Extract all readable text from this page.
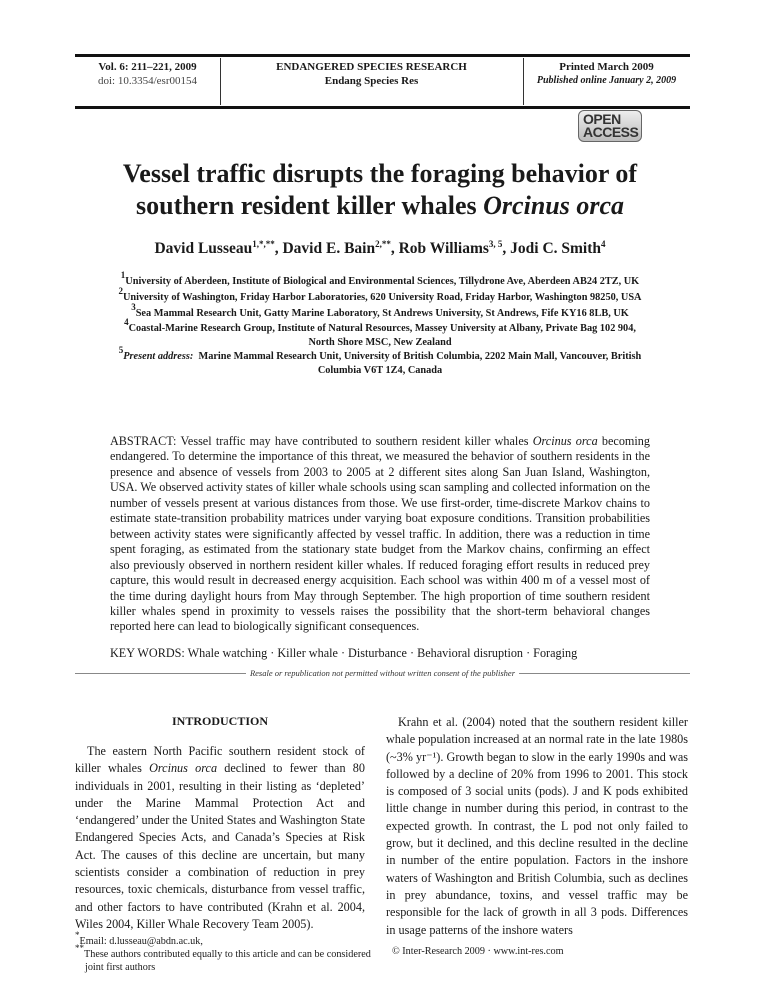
Vol. 6: 211–221, 2009
doi: 10.3354/esr00154
ENDANGERED SPECIES RESEARCH
Endang Species Res
Printed March 2009
Published online January 2, 2009
OPEN
ACCESS
Vessel traffic disrupts the foraging behavior of
southern resident killer whales Orcinus orca
David Lusseau$^{1,*,**}$, David E. Bain$^{2,**}$, Rob Williams$^{3, 5}$, Jodi C. Smith$^4$
$^1$University of Aberdeen, Institute of Biological and Environmental Sciences, Tillydrone Ave, Aberdeen AB24 2TZ, UK
$^2$University of Washington, Friday Harbor Laboratories, 620 University Road, Friday Harbor, Washington 98250, USA
$^3$Sea Mammal Research Unit, Gatty Marine Laboratory, St Andrews University, St Andrews, Fife KY16 8LB, UK
$^4$Coastal-Marine Research Group, Institute of Natural Resources, Massey University at Albany, Private Bag 102 904, North Shore MSC, New Zealand
$^5$Present address: Marine Mammal Research Unit, University of British Columbia, 2202 Main Mall, Vancouver, British Columbia V6T 1Z4, Canada
ABSTRACT: Vessel traffic may have contributed to southern resident killer whales Orcinus orca becoming endangered. To determine the importance of this threat, we measured the behavior of southern residents in the presence and absence of vessels from 2003 to 2005 at 2 different sites along San Juan Island, Washington, USA. We observed activity states of killer whale schools using scan sampling and collected information on the number of vessels present at various distances from those. We use first-order, time-discrete Markov chains to estimate state-transition probability matrices under varying boat exposure conditions. Transition probabilities between activity states were significantly affected by vessel traffic. In addition, there was a reduction in time spent foraging, as estimated from the stationary state budget from the Markov chains, confirming an effect also previously observed in northern resident killer whales. If reduced foraging effort results in reduced prey capture, this would result in decreased energy acquisition. Each school was within 400 m of a vessel most of the time during daylight hours from May through September. The high proportion of time southern resident killer whales spend in proximity to vessels raises the possibility that the short-term behavioral changes reported here can lead to biologically significant consequences.
KEY WORDS: Whale watching · Killer whale · Disturbance · Behavioral disruption · Foraging
Resale or republication not permitted without written consent of the publisher
INTRODUCTION

The eastern North Pacific southern resident stock of killer whales Orcinus orca declined to fewer than 80 individuals in 2001, resulting in their listing as ‘depleted’ under the Marine Mammal Protection Act and ‘endangered’ under the United States and Washington State Endangered Species Acts, and Canada’s Species at Risk Act. The causes of this decline are uncertain, but many scientists consider a combination of reduction in prey resources, toxic chemicals, disturbance from vessel traffic, and other factors to have contributed (Krahn et al. 2004, Wiles 2004, Killer Whale Recovery Team 2005).

Krahn et al. (2004) noted that the southern resident killer whale population increased at an normal rate in the late 1980s (~3% yr⁻¹). Growth began to slow in the early 1990s and was followed by a decline of 20% from 1996 to 2001. This stock is composed of 3 social units (pods). J and K pods exhibited little change in number during this period, in contrast to the expected growth. In contrast, the L pod not only failed to grow, but it declined, and this decline resulted in the decline in number of the entire population. Factors in the inshore waters of Washington and British Columbia, such as declines in prey abundance, toxins, and vessel traffic may be responsible for the lack of growth in all 3 pods. Differences in usage patterns of the inshore waters

*Email: d.lusseau@abdn.ac.uk,
**These authors contributed equally to this article and can be considered joint first authors
© Inter-Research 2009 · www.int-res.com
